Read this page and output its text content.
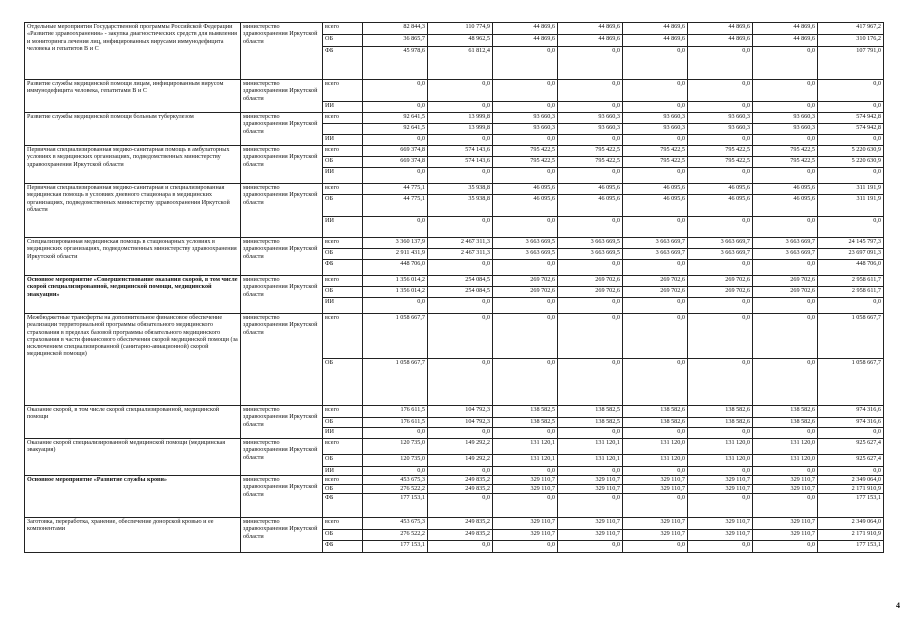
Отдельные мероприятия Государственной программы Российской Федерации «Развитие здравоохранения» - закупка диагностических средств для выявления и мониторинга лечения лиц, инфицированных вирусами иммунодефицита человека и гепатитов В и С	министерство здравоохранения Иркутской области	всего	82 844,3	110 774,9	44 869,6	44 869,6	44 869,6	44 869,6	44 869,6	417 967,2
		ОБ	36 865,7	48 962,5	44 869,6	44 869,6	44 869,6	44 869,6	44 869,6	310 176,2
		ФБ	45 978,6	61 812,4	0,0	0,0	0,0	0,0	0,0	107 791,0
Развитие службы медицинской помощи лицам, инфицированным вирусом иммунодефицита человека, гепатитами В и С	министерство здравоохранения Иркутской области	всего	0,0	0,0	0,0	0,0	0,0	0,0	0,0	0,0
		ИИ	0,0	0,0	0,0	0,0	0,0	0,0	0,0	0,0
Развитие службы медицинской помощи больным туберкулезом	министерство здравоохранения Иркутской области	всего	92 641,5	13 999,8	93 660,3	93 660,3	93 660,3	93 660,3	93 660,3	574 942,8
			92 641,5	13 999,8	93 660,3	93 660,3	93 660,3	93 660,3	93 660,3	574 942,8
		ИИ	0,0	0,0	0,0	0,0	0,0	0,0	0,0	0,0
Первичная специализированная медико-санитарная помощь в амбулаторных условиях в медицинских организациях, подведомственных министерству здравоохранения Иркутской области	министерство здравоохранения Иркутской области	всего	669 374,8	574 143,6	795 422,5	795 422,5	795 422,5	795 422,5	795 422,5	5 220 630,9
		ОБ	669 374,8	574 143,6	795 422,5	795 422,5	795 422,5	795 422,5	795 422,5	5 220 630,9
		ИИ	0,0	0,0	0,0	0,0	0,0	0,0	0,0	0,0
Первичная специализированная медико-санитарная и специализированная медицинская помощь в условиях дневного стационара в медицинских организациях, подведомственных министерству здравоохранения Иркутской области	министерство здравоохранения Иркутской области	всего	44 775,1	35 938,8	46 095,6	46 095,6	46 095,6	46 095,6	46 095,6	311 191,9
		ОБ	44 775,1	35 938,8	46 095,6	46 095,6	46 095,6	46 095,6	46 095,6	311 191,9
		ИИ	0,0	0,0	0,0	0,0	0,0	0,0	0,0	0,0
Специализированная медицинская помощь в стационарных условиях в медицинских организациях, подведомственных министерству здравоохранения Иркутской области	министерство здравоохранения Иркутской области	всего	3 360 137,9	2 467 311,3	3 663 669,5	3 663 669,5	3 663 669,7	3 663 669,7	3 663 669,7	24 145 797,3
		ОБ	2 911 431,9	2 467 311,3	3 663 669,5	3 663 669,5	3 663 669,7	3 663 669,7	3 663 669,7	23 697 091,3
		ФБ	448 706,0	0,0	0,0	0,0	0,0	0,0	0,0	448 706,0
Основное мероприятие «Совершенствование оказания скорой, в том числе скорой специализированной, медицинской помощи, медицинской эвакуации»	министерство здравоохранения Иркутской области	всего	1 356 014,2	254 084,5	269 702,6	269 702,6	269 702,6	269 702,6	269 702,6	2 958 611,7
		ОБ	1 356 014,2	254 084,5	269 702,6	269 702,6	269 702,6	269 702,6	269 702,6	2 958 611,7
		ИИ	0,0	0,0	0,0	0,0	0,0	0,0	0,0	0,0
Межбюджетные трансферты на дополнительное финансовое обеспечение реализации территориальной программы обязательного медицинского страхования в пределах базовой программы обязательного медицинского страхования в части финансового обеспечения скорой медицинской помощи (за исключением специализированной (санитарно-авиационной) скорой медицинской помощи)	министерство здравоохранения Иркутской области	всего	1 058 667,7	0,0	0,0	0,0	0,0	0,0	0,0	1 058 667,7
		ОБ	1 058 667,7	0,0	0,0	0,0	0,0	0,0	0,0	1 058 667,7
Оказание скорой, в том числе скорой специализированной, медицинской помощи	министерство здравоохранения Иркутской области	всего	176 611,5	104 792,3	138 582,5	138 582,5	138 582,6	138 582,6	138 582,6	974 316,6
		ОБ	176 611,5	104 792,3	138 582,5	138 582,5	138 582,6	138 582,6	138 582,6	974 316,6
		ИИ	0,0	0,0	0,0	0,0	0,0	0,0	0,0	0,0
Оказание скорой специализированной медицинской помощи (медицинская эвакуация)	министерство здравоохранения Иркутской области	всего	120 735,0	149 292,2	131 120,1	131 120,1	131 120,0	131 120,0	131 120,0	925 627,4
		ОБ	120 735,0	149 292,2	131 120,1	131 120,1	131 120,0	131 120,0	131 120,0	925 627,4
		ИИ	0,0	0,0	0,0	0,0	0,0	0,0	0,0	0,0
Основное мероприятие «Развитие службы крови»	министерство здравоохранения Иркутской области	всего	453 675,3	249 835,2	329 110,7	329 110,7	329 110,7	329 110,7	329 110,7	2 349 064,0
		ОБ	276 522,2	249 835,2	329 110,7	329 110,7	329 110,7	329 110,7	329 110,7	2 171 910,9
		ФБ	177 153,1	0,0	0,0	0,0	0,0	0,0	0,0	177 153,1
Заготовка, переработка, хранение, обеспечение донорской кровью и ее компонентами	министерство здравоохранения Иркутской области	всего	453 675,3	249 835,2	329 110,7	329 110,7	329 110,7	329 110,7	329 110,7	2 349 064,0
		ОБ	276 522,2	249 835,2	329 110,7	329 110,7	329 110,7	329 110,7	329 110,7	2 171 910,9
		ФБ	177 153,1	0,0	0,0	0,0	0,0	0,0	0,0	177 153,1
4
